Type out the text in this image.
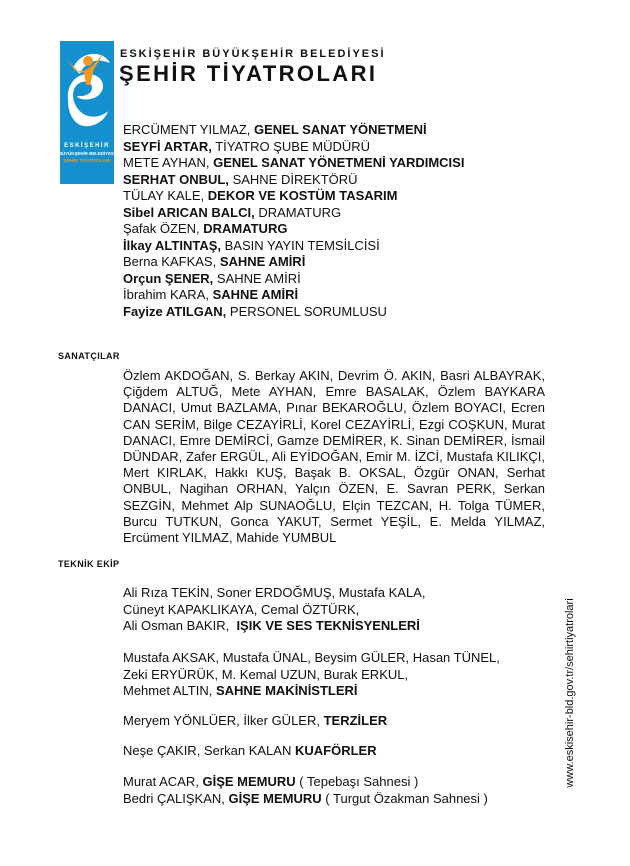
ESKİŞEHİR
BÜYÜKŞEHİR BELEDİYESİ
ŞEHİR TİYATROLARI
ESKİŞEHİR BÜYÜKŞEHİR BELEDİYESİ
ŞEHİR TİYATROLARI
ERCÜMENT YILMAZ, GENEL SANAT YÖNETMENİ
SEYFİ ARTAR, TİYATRO ŞUBE MÜDÜRÜ
METE AYHAN, GENEL SANAT YÖNETMENİ YARDIMCISI
SERHAT ONBUL, SAHNE DİREKTÖRÜ
TÜLAY KALE, DEKOR VE KOSTÜM TASARIM
Sibel ARICAN BALCI, DRAMATURG
Şafak ÖZEN, DRAMATURG
İlkay ALTINTAŞ, BASIN YAYIN TEMSİLCİSİ
Berna KAFKAS, SAHNE AMİRİ
Orçun ŞENER, SAHNE AMİRİ
İbrahim KARA, SAHNE AMİRİ
Fayize ATILGAN, PERSONEL SORUMLUSU
SANATÇILAR
Özlem AKDOĞAN, S. Berkay AKIN, Devrim Ö. AKIN, Basri ALBAYRAK, Çiğdem ALTUĞ, Mete AYHAN, Emre BASALAK, Özlem BAYKARA DANACI, Umut BAZLAMA, Pınar BEKAROĞLU, Özlem BOYACI, Ecren CAN SERİM, Bilge CEZAYİRLİ, Korel CEZAYİRLİ, Ezgi COŞKUN, Murat DANACI, Emre DEMİRCİ, Gamze DEMİRER, K. Sinan DEMİRER, İsmail DÜNDAR, Zafer ERGÜL, Ali EYİDOĞAN, Emir M. İZCİ, Mustafa KILIKÇI, Mert KIRLAK, Hakkı KUŞ, Başak B. OKSAL, Özgür ONAN, Serhat ONBUL, Nagihan ORHAN, Yalçın ÖZEN, E. Savran PERK, Serkan SEZGİN, Mehmet Alp SUNAOĞLU, Elçin TEZCAN, H. Tolga TÜMER, Burcu TUTKUN, Gonca YAKUT, Sermet YEŞİL, E. Melda YILMAZ, Ercüment YILMAZ, Mahide YUMBUL
TEKNİK EKİP
Ali Rıza TEKİN, Soner ERDOĞMUŞ, Mustafa KALA,
Cüneyt KAPAKLIKAYA, Cemal ÖZTÜRK,
Ali Osman BAKIR, IŞIK VE SES TEKNİSYENLERİ
Mustafa AKSAK, Mustafa ÜNAL, Beysim GÜLER, Hasan TÜNEL,
Zeki ERYÜRÜK, M. Kemal UZUN, Burak ERKUL,
Mehmet ALTIN, SAHNE MAKİNİSTLERİ
Meryem YÖNLÜER, İlker GÜLER, TERZİLER
Neşe ÇAKIR, Serkan KALAN KUAFÖRLER
Murat ACAR, GİŞE MEMURU ( Tepebaşı Sahnesi )
Bedri ÇALIŞKAN, GİŞE MEMURU ( Turgut Özakman Sahnesi )
www.eskisehir-bld.gov.tr/sehirtiyatrolari
